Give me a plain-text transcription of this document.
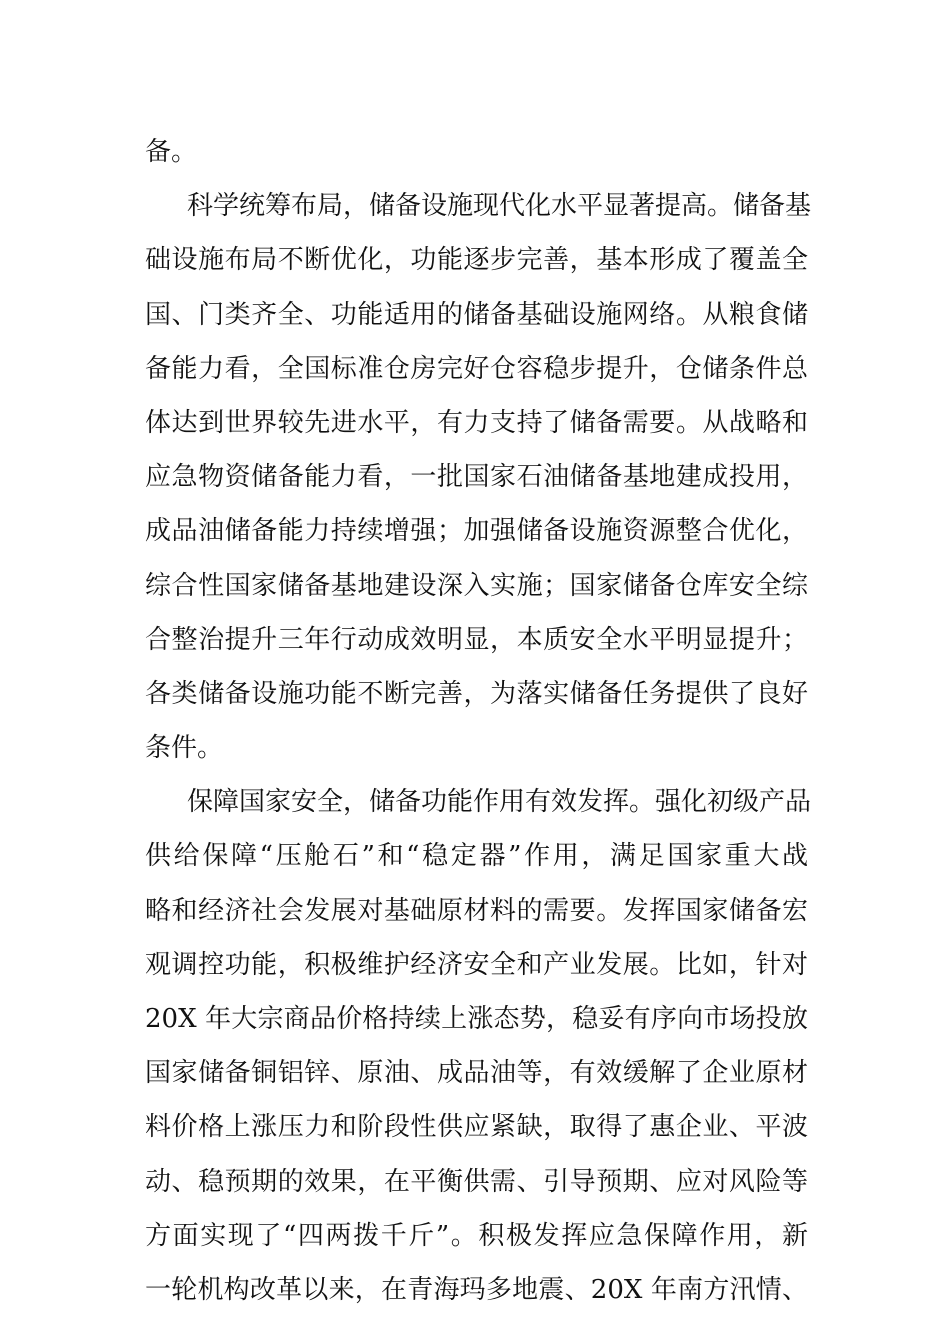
备。
科学统筹布局，储备设施现代化水平显著提高。储备基
础设施布局不断优化，功能逐步完善，基本形成了覆盖全
国、门类齐全、功能适用的储备基础设施网络。从粮食储
备能力看，全国标准仓房完好仓容稳步提升，仓储条件总
体达到世界较先进水平，有力支持了储备需要。从战略和
应急物资储备能力看，一批国家石油储备基地建成投用，
成品油储备能力持续增强；加强储备设施资源整合优化，
综合性国家储备基地建设深入实施；国家储备仓库安全综
合整治提升三年行动成效明显，本质安全水平明显提升；
各类储备设施功能不断完善，为落实储备任务提供了良好
条件。
保障国家安全，储备功能作用有效发挥。强化初级产品
供给保障“压舱石”和“稳定器”作用，满足国家重大战
略和经济社会发展对基础原材料的需要。发挥国家储备宏
观调控功能，积极维护经济安全和产业发展。比如，针对
20X 年大宗商品价格持续上涨态势，稳妥有序向市场投放
国家储备铜铝锌、原油、成品油等，有效缓解了企业原材
料价格上涨压力和阶段性供应紧缺，取得了惠企业、平波
动、稳预期的效果，在平衡供需、引导预期、应对风险等
方面实现了“四两拨千斤”。积极发挥应急保障作用，新
一轮机构改革以来，在青海玛多地震、20X 年南方汛情、
